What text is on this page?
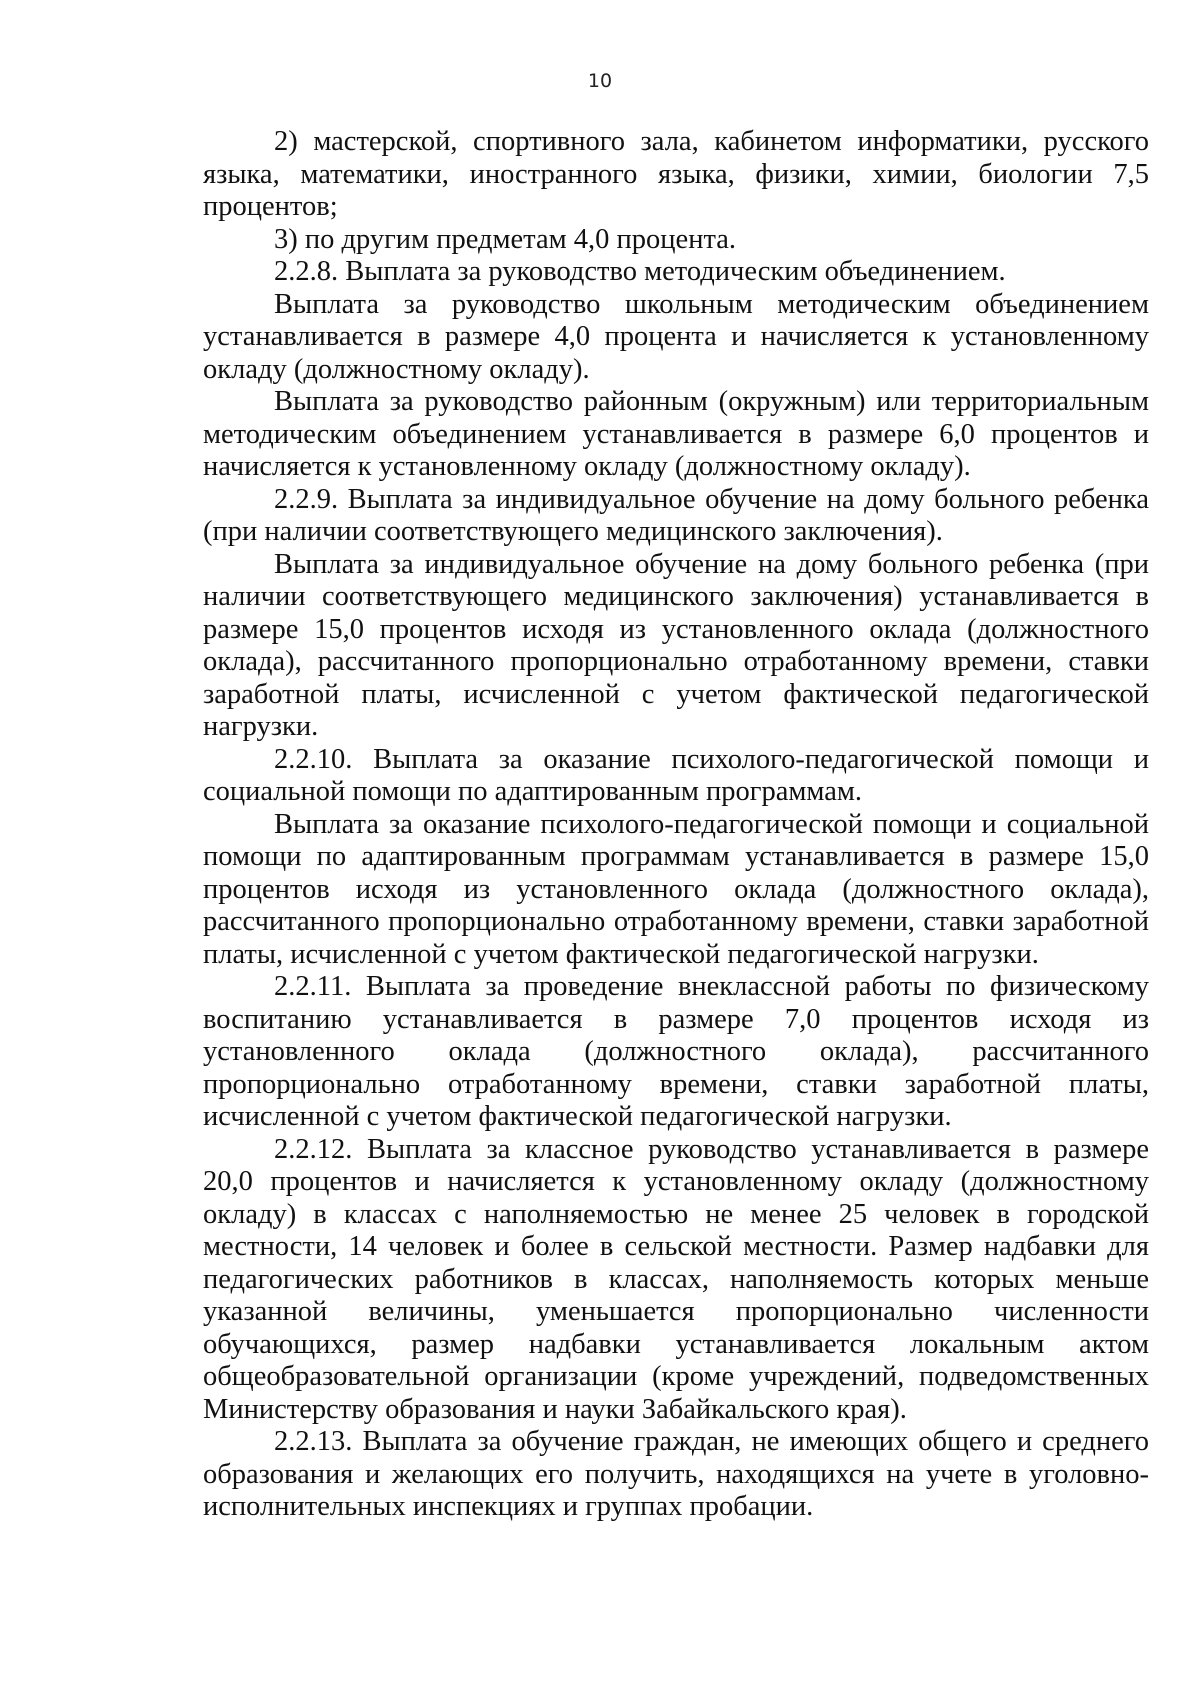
10

2) мастерской, спортивного зала, кабинетом информатики, русского языка, математики, иностранного языка, физики, химии, биологии 7,5 процентов;

3) по другим предметам 4,0 процента.

2.2.8. Выплата за руководство методическим объединением.

Выплата за руководство школьным методическим объединением устанавливается в размере 4,0 процента и начисляется к установленному окладу (должностному окладу).

Выплата за руководство районным (окружным) или территориальным методическим объединением устанавливается в размере 6,0 процентов и начисляется к установленному окладу (должностному окладу).

2.2.9. Выплата за индивидуальное обучение на дому больного ребенка (при наличии соответствующего медицинского заключения).

Выплата за индивидуальное обучение на дому больного ребенка (при наличии соответствующего медицинского заключения) устанавливается в размере 15,0 процентов исходя из установленного оклада (должностного оклада), рассчитанного пропорционально отработанному времени, ставки заработной платы, исчисленной с учетом фактической педагогической нагрузки.

2.2.10. Выплата за оказание психолого-педагогической помощи и социальной помощи по адаптированным программам.

Выплата за оказание психолого-педагогической помощи и социальной помощи по адаптированным программам устанавливается в размере 15,0 процентов исходя из установленного оклада (должностного оклада), рассчитанного пропорционально отработанному времени, ставки заработной платы, исчисленной с учетом фактической педагогической нагрузки.

2.2.11. Выплата за проведение внеклассной работы по физическому воспитанию устанавливается в размере 7,0 процентов исходя из установленного оклада (должностного оклада), рассчитанного пропорционально отработанному времени, ставки заработной платы, исчисленной с учетом фактической педагогической нагрузки.

2.2.12. Выплата за классное руководство устанавливается в размере 20,0 процентов и начисляется к установленному окладу (должностному окладу) в классах с наполняемостью не менее 25 человек в городской местности, 14 человек и более в сельской местности. Размер надбавки для педагогических работников в классах, наполняемость которых меньше указанной величины, уменьшается пропорционально численности обучающихся, размер надбавки устанавливается локальным актом общеобразовательной организации (кроме учреждений, подведомственных Министерству образования и науки Забайкальского края).

2.2.13. Выплата за обучение граждан, не имеющих общего и среднего образования и желающих его получить, находящихся на учете в уголовно-исполнительных инспекциях и группах пробации.
